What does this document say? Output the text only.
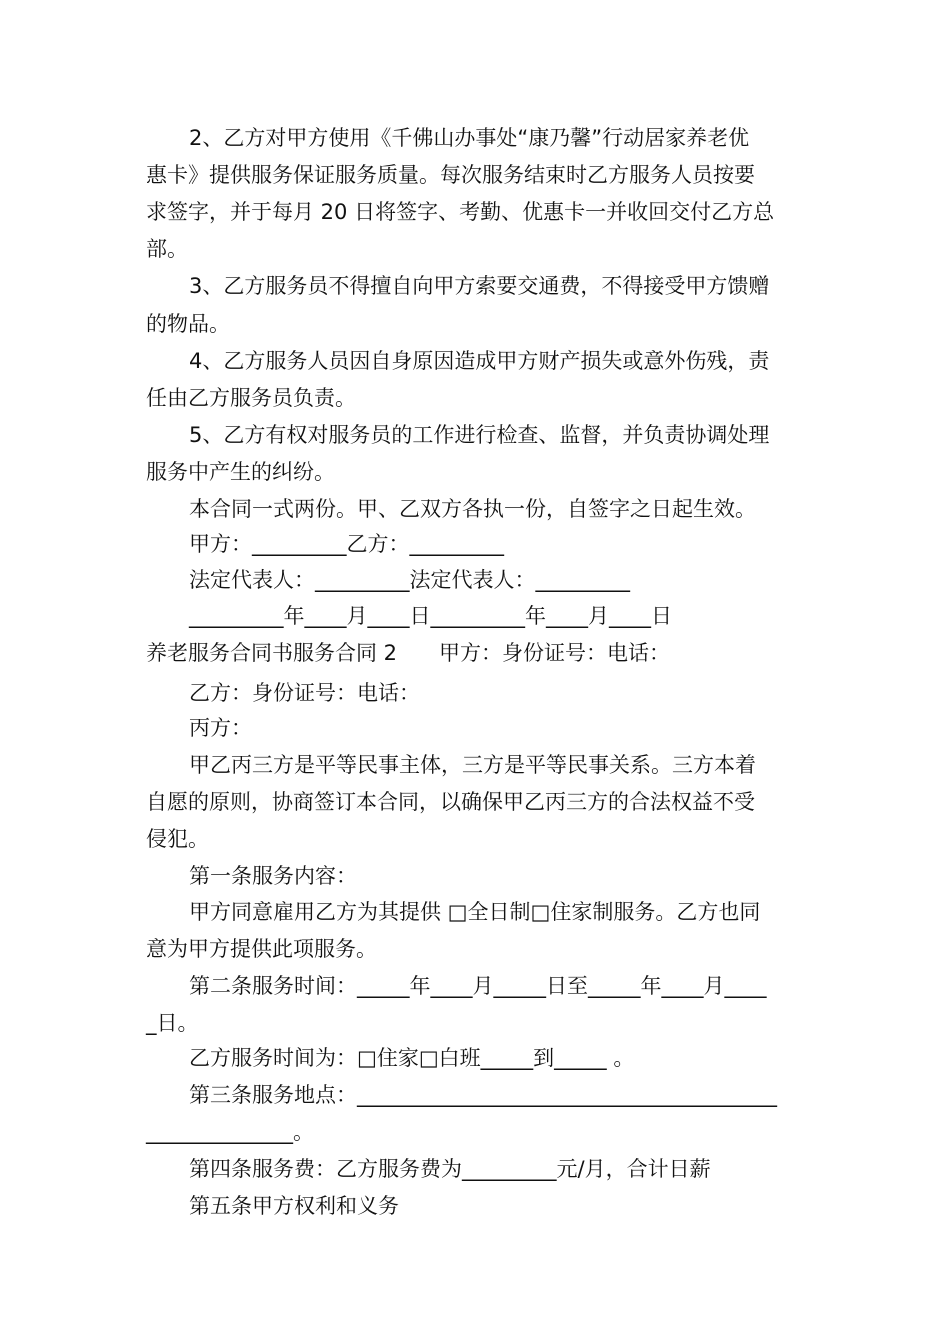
2、乙方对甲方使用《千佛山办事处“康乃馨”行动居家养老优
惠卡》提供服务保证服务质量。每次服务结束时乙方服务人员按要
求签字，并于每月 20 日将签字、考勤、优惠卡一并收回交付乙方总
部。
3、乙方服务员不得擅自向甲方索要交通费，不得接受甲方馈赠
的物品。
4、乙方服务人员因自身原因造成甲方财产损失或意外伤残，责
任由乙方服务员负责。
5、乙方有权对服务员的工作进行检查、监督，并负责协调处理
服务中产生的纠纷。
本合同一式两份。甲、乙双方各执一份，自签字之日起生效。
甲方：_________乙方：_________
法定代表人：_________法定代表人：_________
_________年____月____日_________年____月____日
养老服务合同书服务合同 2　　甲方：身份证号：电话：
乙方：身份证号：电话：
丙方：
甲乙丙三方是平等民事主体，三方是平等民事关系。三方本着
自愿的原则，协商签订本合同，以确保甲乙丙三方的合法权益不受
侵犯。
第一条服务内容：
甲方同意雇用乙方为其提供 □全日制□住家制服务。乙方也同
意为甲方提供此项服务。
第二条服务时间：_____年____月_____日至_____年____月____
_日。
乙方服务时间为：□住家□白班_____到_____ 。
第三条服务地点：________________________________________
______________。
第四条服务费：乙方服务费为_________元/月，合计日薪
第五条甲方权利和义务
